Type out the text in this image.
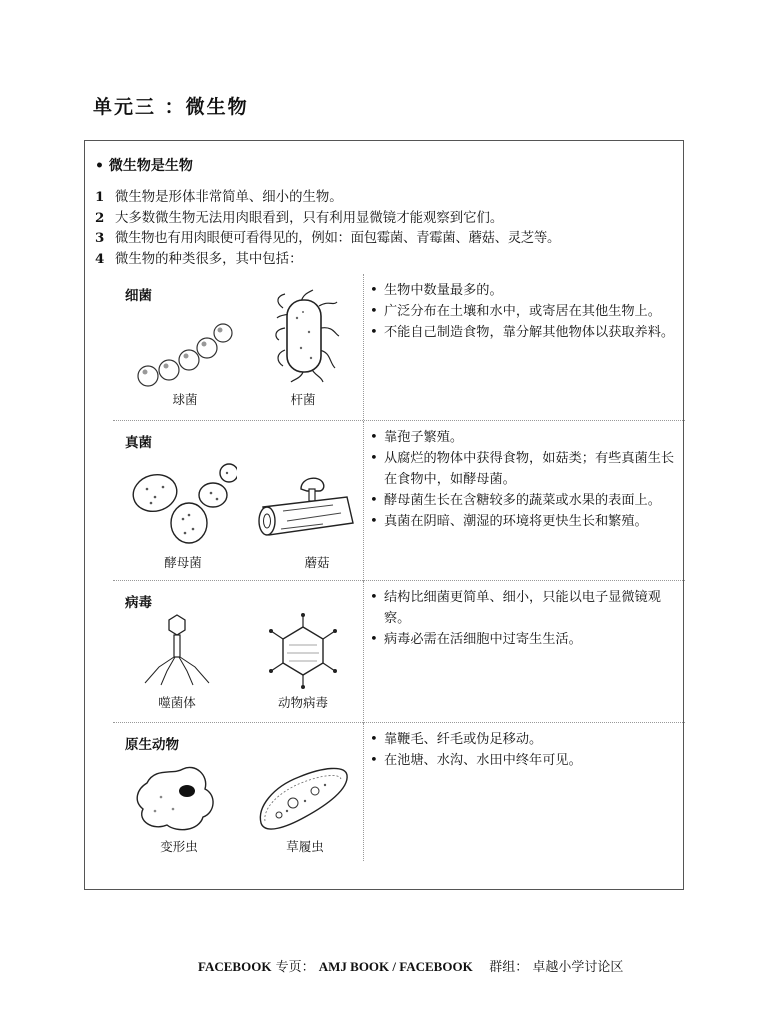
单元三 ：微生物
• 微生物是生物
1 微生物是形体非常简单、细小的生物。
2 大多数微生物无法用肉眼看到，只有利用显微镜才能观察到它们。
3 微生物也有用肉眼便可看得见的，例如：面包霉菌、青霉菌、蘑菇、灵芝等。
4 微生物的种类很多，其中包括：
细菌
球菌	杆菌
• 生物中数量最多的。
• 广泛分布在土壤和水中，或寄居在其他生物上。
• 不能自己制造食物，靠分解其他物体以获取养料。
真菌
酵母菌	蘑菇
• 靠孢子繁殖。
• 从腐烂的物体中获得食物，如菇类；有些真菌生长在食物中，如酵母菌。
• 酵母菌生长在含糖较多的蔬菜或水果的表面上。
• 真菌在阴暗、潮湿的环境将更快生长和繁殖。
病毒
噬菌体	动物病毒
• 结构比细菌更简单、细小，只能以电子显微镜观察。
• 病毒必需在活细胞中过寄生生活。
原生动物
变形虫	草履虫
• 靠鞭毛、纤毛或伪足移动。
• 在池塘、水沟、水田中终年可见。
FACEBOOK 专页： AMJ BOOK / FACEBOOK 群组： 卓越小学讨论区
